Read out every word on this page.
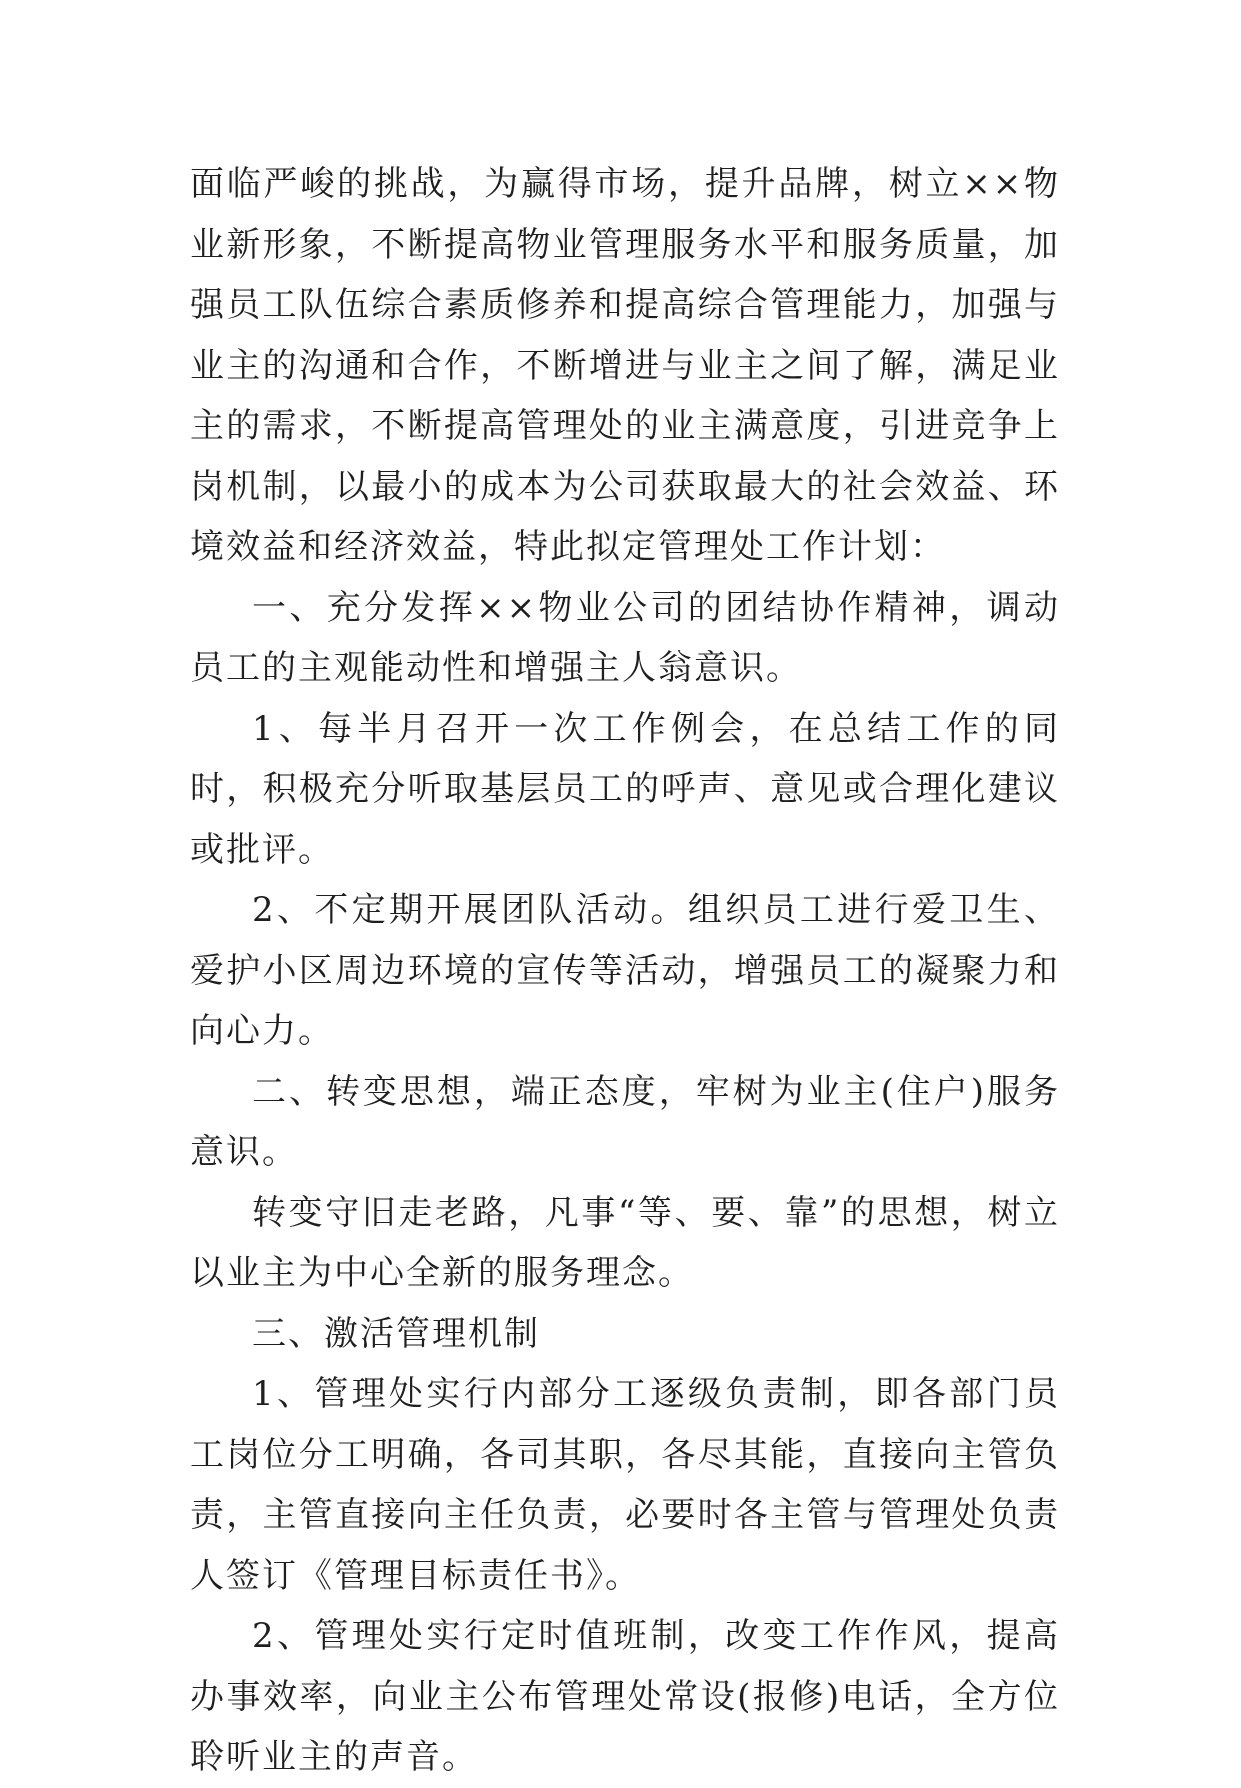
面临严峻的挑战，为赢得市场，提升品牌，树立××物业新形象，不断提高物业管理服务水平和服务质量，加强员工队伍综合素质修养和提高综合管理能力，加强与业主的沟通和合作，不断增进与业主之间了解，满足业主的需求，不断提高管理处的业主满意度，引进竞争上岗机制，以最小的成本为公司获取最大的社会效益、环境效益和经济效益，特此拟定管理处工作计划：

一、充分发挥××物业公司的团结协作精神，调动员工的主观能动性和增强主人翁意识。

1、每半月召开一次工作例会，在总结工作的同时，积极充分听取基层员工的呼声、意见或合理化建议或批评。

2、不定期开展团队活动。组织员工进行爱卫生、爱护小区周边环境的宣传等活动，增强员工的凝聚力和向心力。

二、转变思想，端正态度，牢树为业主(住户)服务意识。

转变守旧走老路，凡事“等、要、靠”的思想，树立以业主为中心全新的服务理念。

三、激活管理机制

1、管理处实行内部分工逐级负责制，即各部门员工岗位分工明确，各司其职，各尽其能，直接向主管负责，主管直接向主任负责，必要时各主管与管理处负责人签订《管理目标责任书》。

2、管理处实行定时值班制，改变工作作风，提高办事效率，向业主公布管理处常设(报修)电话，全方位聆听业主的声音。
